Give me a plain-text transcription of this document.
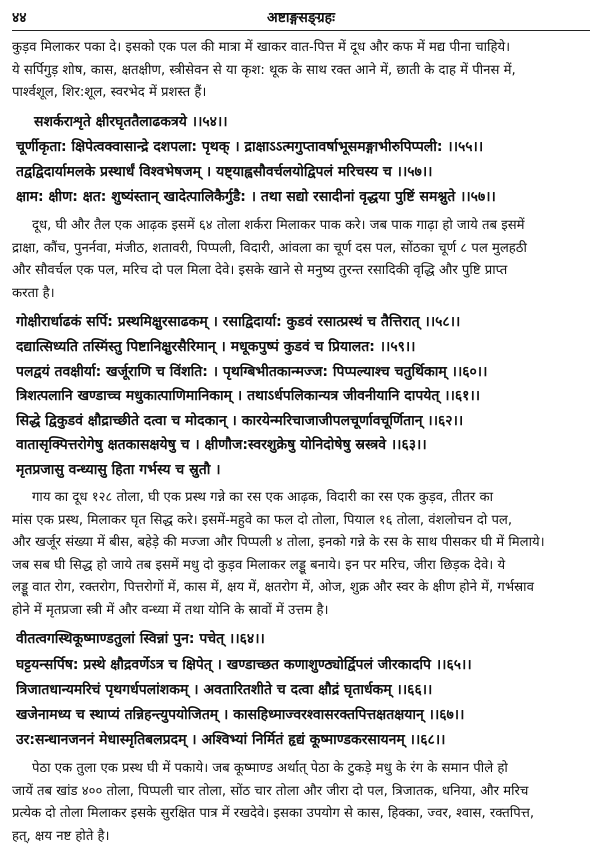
४४	अष्टाङ्गसङ्ग्रहः

कुड़व मिलाकर पका दे। इसको एक पल की मात्रा में खाकर वात-पित्त में दूध और कफ में मद्य पीना चाहिये।
ये सर्पिगुड़ शोष, कास, क्षतक्षीण, स्त्रीसेवन से या कृश: थूक के साथ रक्त आने में, छाती के दाह में पीनस में,
पार्श्वशूल, शिर:शूल, स्वरभेद में प्रशस्त हैं।

सशर्कराशृते क्षीरघृततैलाढकत्रये ।।५४।।
चूर्णीकृता: क्षिपेत्वक्वासान्द्रे दशपला: पृथक् । द्राक्षाऽऽत्मगुप्तावर्षाभूसमङ्गाभीरुपिप्पली: ।।५५।।
तद्वद्विदार्यामलके प्रस्थार्धं विश्वभेषजम् । यष्ट्याह्वसौवर्चलयोद्विपलं मरिचस्य च ।।५७।।
क्षाम: क्षीण: क्षत: शुष्यंस्तान् खादेत्पालिकैर्गुडै: । तथा सद्यो रसादीनां वृद्धया पुष्टिं समश्नुते ।।५७।।

दूध, घी और तैल एक आढ़क इसमें ६४ तोला शर्करा मिलाकर पाक करे। जब पाक गाढ़ा हो जाये तब इसमें
द्राक्षा, कौंच, पुनर्नवा, मंजीठ, शतावरी, पिप्पली, विदारी, आंवला का चूर्ण दस पल, सोंठका चूर्ण ८ पल मुलहठी
और सौवर्चल एक पल, मरिच दो पल मिला देवे। इसके खाने से मनुष्य तुरन्त रसादिकी वृद्धि और पुष्टि प्राप्त
करता है।

गोक्षीरार्धाढकं सर्पि: प्रस्थमिक्षुरसाढकम् । रसाद्विदार्या: कुडवं रसात्प्रस्थं च तैत्तिरात् ।।५८।।
दद्यात्सिध्यति तस्मिंस्तु पिष्टानिक्षुरसैरिमान् । मधूकपुष्पं कुडवं च प्रियालत: ।।५९।।
पलद्वयं तवक्षीर्या: खर्जूराणि च विंशति: । पृथग्बिभीतकान्मज्ज: पिप्पल्याश्च चतुर्थिकाम् ।।६०।।
त्रिशत्पलानि खण्डाच्च मधुकात्पाणिमानिकाम् । तथाऽर्धपलिकान्यत्र जीवनीयानि दापयेत् ।।६१।।
सिद्धे द्विकुडवं क्षौद्राच्छीते दत्वा च मोदकान् । कारयेन्मरिचाजाजीपलचूर्णावचूर्णितान् ।।६२।।
वातासृक्पित्तरोगेषु क्षतकासक्षयेषु च । क्षीणौज:स्वरशुक्रेषु योनिदोषेषु स्रस्त्रवे ।।६३।।
मृतप्रजासु वन्ध्यासु हिता गर्भस्य च स्रुतौ ।

गाय का दूध १२८ तोला, घी एक प्रस्थ गन्ने का रस एक आढ़क, विदारी का रस एक कुड़व, तीतर का
मांस एक प्रस्थ, मिलाकर घृत सिद्ध करे। इसमें-महुवे का फल दो तोला, पियाल १६ तोला, वंशलोचन दो पल,
और खर्जूर संख्या में बीस, बहेड़े की मज्जा और पिप्पली ४ तोला, इनको गन्ने के रस के साथ पीसकर घी में मिलाये।
जब सब घी सिद्ध हो जाये तब इसमें मधु दो कुड़व मिलाकर लड्डू बनाये। इन पर मरिच, जीरा छिड़क देवे। ये
लड्डू वात रोग, रक्तरोग, पित्तरोगों में, कास में, क्षय में, क्षतरोग में, ओज, शुक्र और स्वर के क्षीण होने में, गर्भस्राव
होने में मृतप्रजा स्त्री में और वन्ध्या में तथा योनि के स्रावों में उत्तम है।

वीतत्वगस्थिकूष्माण्डतुलां स्विन्नां पुन: पचेत् ।।६४।।
घट्टयन्सर्पिष: प्रस्थे क्षौद्रवर्णेऽत्र च क्षिपेत् । खण्डाच्छत कणाशुण्ठ्योर्द्विपलं जीरकादपि ।।६५।।
त्रिजातधान्यमरिचं पृथगर्धपलांशकम् । अवतारितशीते च दत्वा क्षौद्रं घृतार्धकम् ।।६६।।
खजेनामध्य च स्थाप्यं तन्निहन्त्युपयोजितम् । कासहिध्माज्वरश्वासरक्तपित्तक्षतक्षयान् ।।६७।।
उर:सन्धानजननं मेधास्मृतिबलप्रदम् । अश्विभ्यां निर्मितं हृद्यं कूष्माण्डकरसायनम् ।।६८।।

पेठा एक तुला एक प्रस्थ घी में पकाये। जब कूष्माण्ड अर्थात् पेठा के टुकड़े मधु के रंग के समान पीले हो
जायें तब खांड ४०० तोला, पिप्पली चार तोला, सोंठ चार तोला और जीरा दो पल, त्रिजातक, धनिया, और मरिच
प्रत्येक दो तोला मिलाकर इसके सुरक्षित पात्र में रखदेवे। इसका उपयोग से कास, हिक्का, ज्वर, श्वास, रक्तपित्त,
हत्, क्षय नष्ट होते है।
